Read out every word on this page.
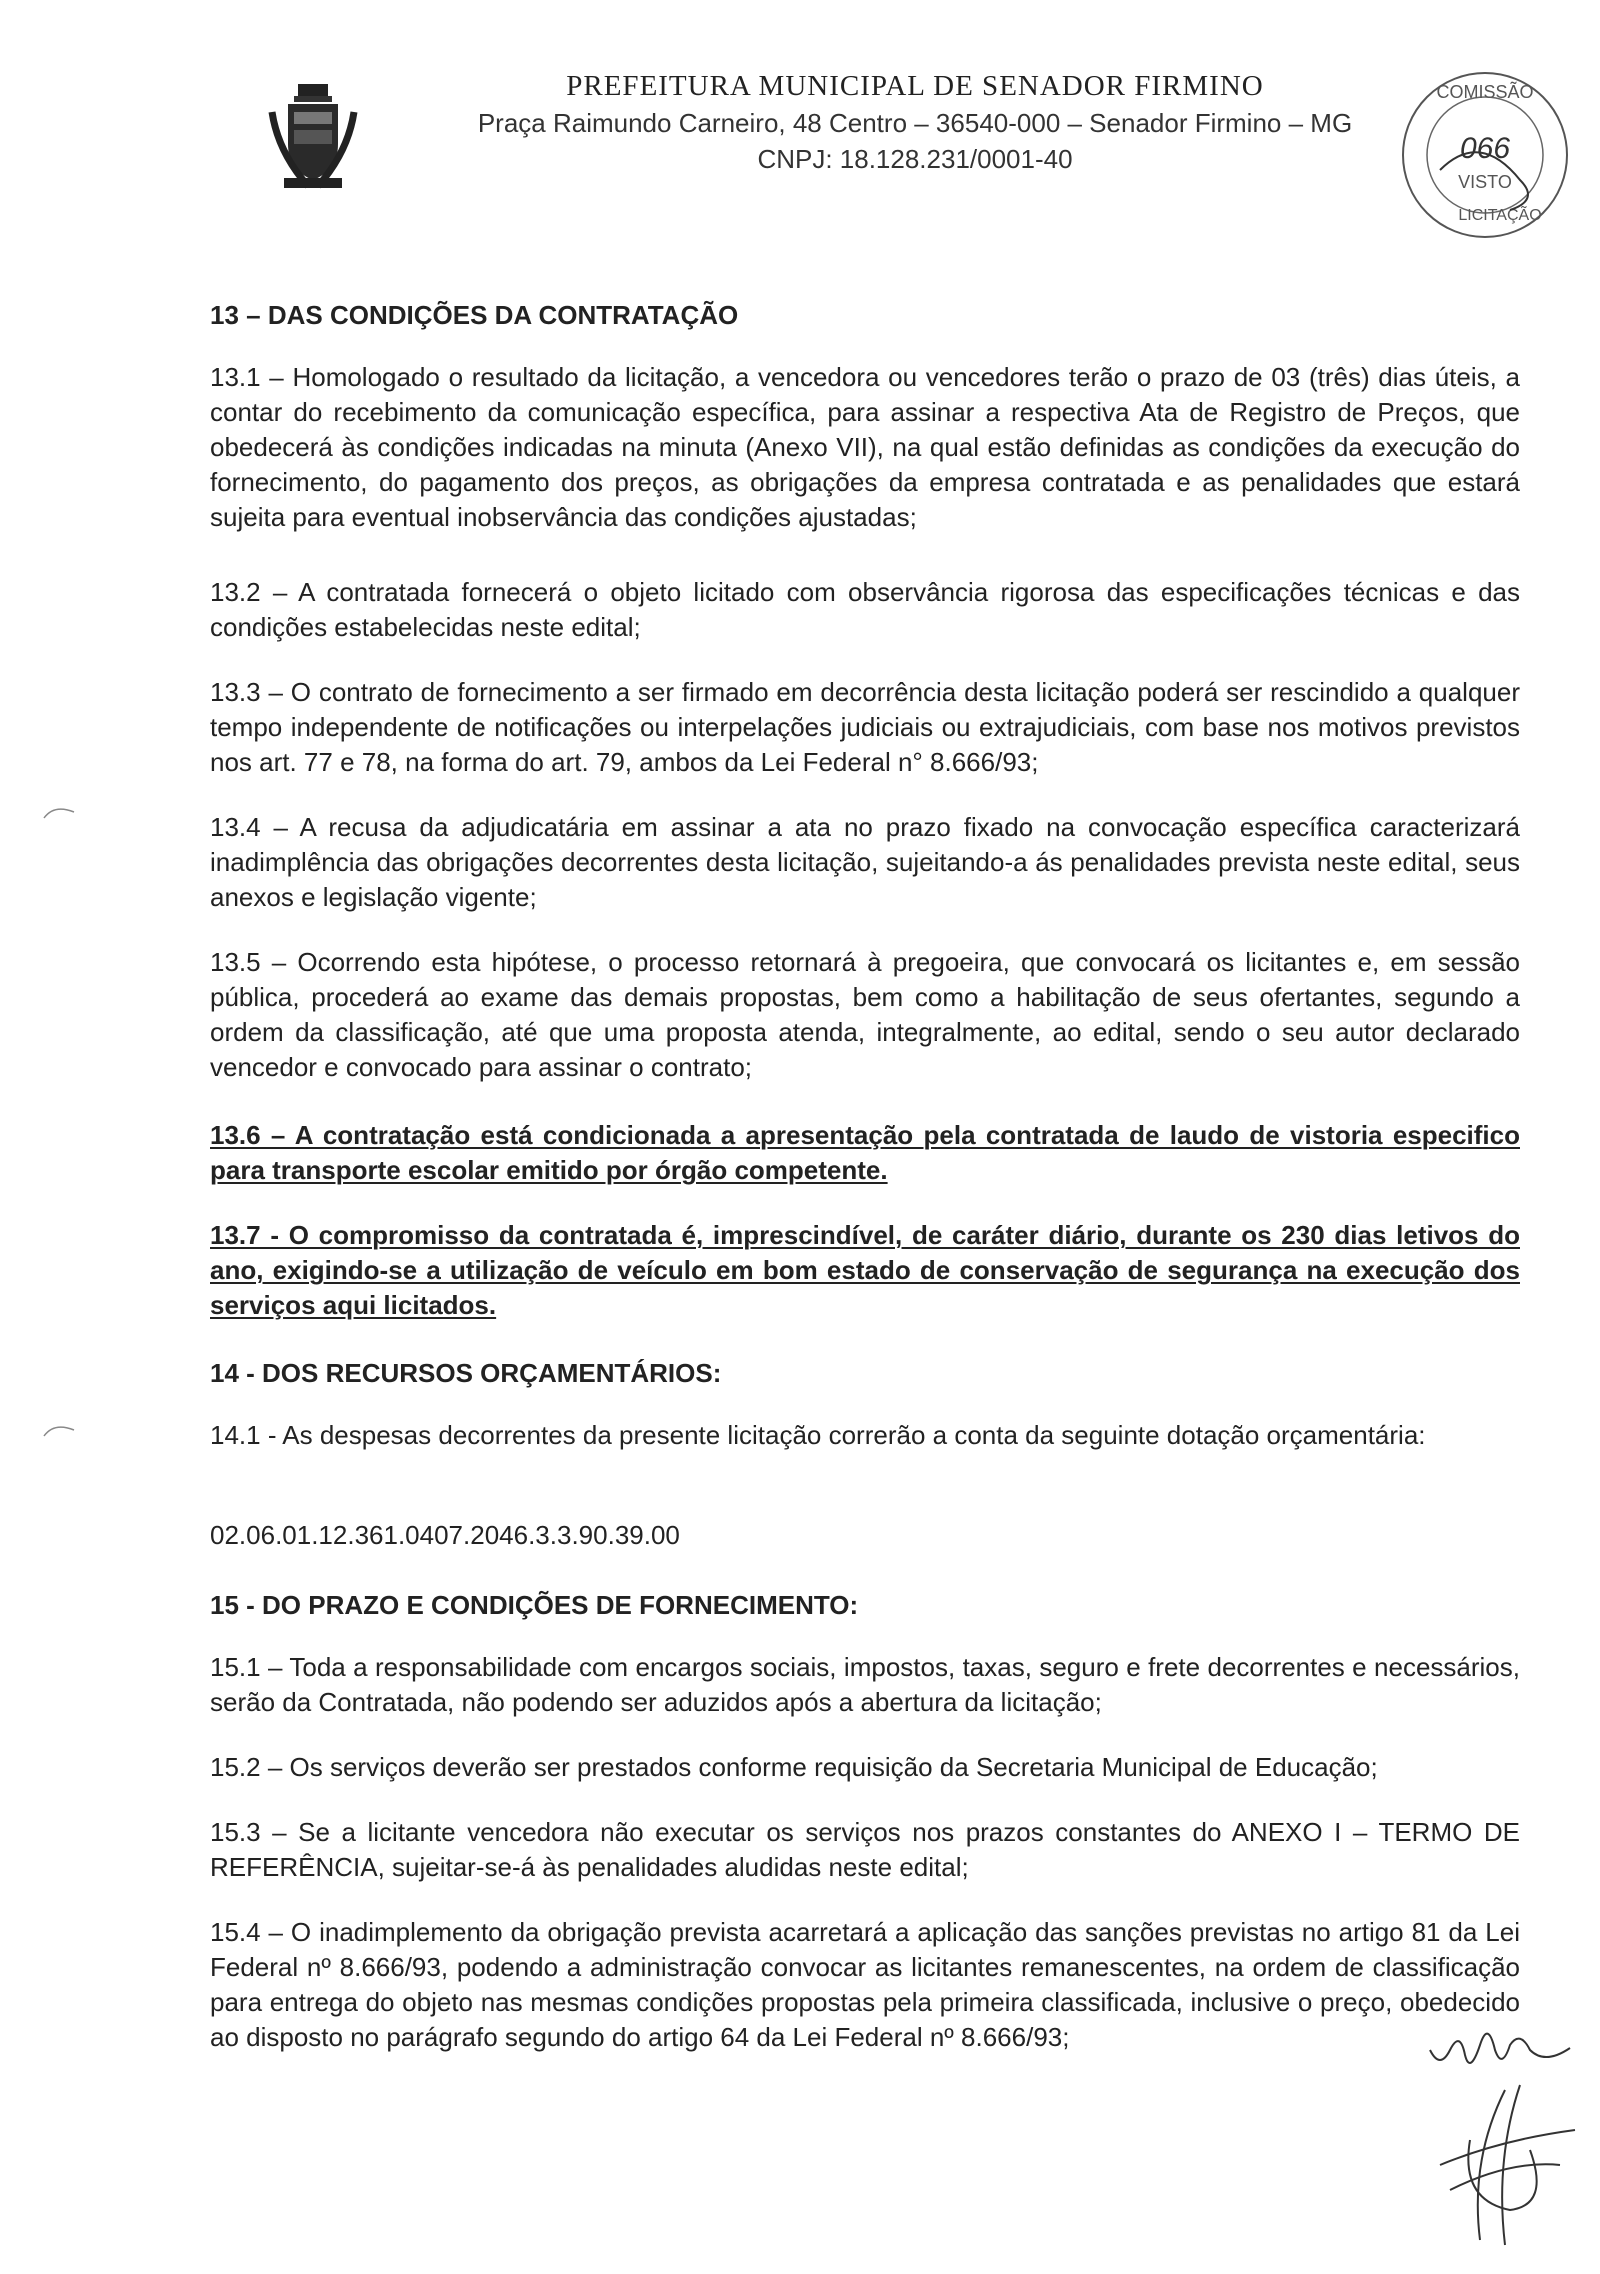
PREFEITURA MUNICIPAL DE SENADOR FIRMINO

Praça Raimundo Carneiro, 48 Centro – 36540-000 – Senador Firmino – MG

CNPJ: 18.128.231/0001-40

COMISSÃO
066
VISTO
LICITAÇÃO

13 – DAS CONDIÇÕES DA CONTRATAÇÃO

13.1 – Homologado o resultado da licitação, a vencedora ou vencedores terão o prazo de 03 (três) dias úteis, a contar do recebimento da comunicação específica, para assinar a respectiva Ata de Registro de Preços, que obedecerá às condições indicadas na minuta (Anexo VII), na qual estão definidas as condições da execução do fornecimento, do pagamento dos preços, as obrigações da empresa contratada e as penalidades que estará sujeita para eventual inobservância das condições ajustadas;

13.2 – A contratada fornecerá o objeto licitado com observância rigorosa das especificações técnicas e das condições estabelecidas neste edital;

13.3 – O contrato de fornecimento a ser firmado em decorrência desta licitação poderá ser rescindido a qualquer tempo independente de notificações ou interpelações judiciais ou extrajudiciais, com base nos motivos previstos nos art. 77 e 78, na forma do art. 79, ambos da Lei Federal n° 8.666/93;

13.4 – A recusa da adjudicatária em assinar a ata no prazo fixado na convocação específica caracterizará inadimplência das obrigações decorrentes desta licitação, sujeitando-a ás penalidades prevista neste edital, seus anexos e legislação vigente;

13.5 – Ocorrendo esta hipótese, o processo retornará à pregoeira, que convocará os licitantes e, em sessão pública, procederá ao exame das demais propostas, bem como a habilitação de seus ofertantes, segundo a ordem da classificação, até que uma proposta atenda, integralmente, ao edital, sendo o seu autor declarado vencedor e convocado para assinar o contrato;

13.6 – A contratação está condicionada a apresentação pela contratada de laudo de vistoria especifico para transporte escolar emitido por órgão competente.

13.7 - O compromisso da contratada é, imprescindível, de caráter diário, durante os 230 dias letivos do ano, exigindo-se a utilização de veículo em bom estado de conservação de segurança na execução dos serviços aqui licitados.

14 - DOS RECURSOS ORÇAMENTÁRIOS:

14.1 - As despesas decorrentes da presente licitação correrão a conta da seguinte dotação orçamentária:

02.06.01.12.361.0407.2046.3.3.90.39.00

15 - DO PRAZO E CONDIÇÕES DE FORNECIMENTO:

15.1 – Toda a responsabilidade com encargos sociais, impostos, taxas, seguro e frete decorrentes e necessários, serão da Contratada, não podendo ser aduzidos após a abertura da licitação;

15.2 – Os serviços deverão ser prestados conforme requisição da Secretaria Municipal de Educação;

15.3 – Se a licitante vencedora não executar os serviços nos prazos constantes do ANEXO I – TERMO DE REFERÊNCIA, sujeitar-se-á às penalidades aludidas neste edital;

15.4 – O inadimplemento da obrigação prevista acarretará a aplicação das sanções previstas no artigo 81 da Lei Federal nº 8.666/93, podendo a administração convocar as licitantes remanescentes, na ordem de classificação para entrega do objeto nas mesmas condições propostas pela primeira classificada, inclusive o preço, obedecido ao disposto no parágrafo segundo do artigo 64 da Lei Federal nº 8.666/93;
